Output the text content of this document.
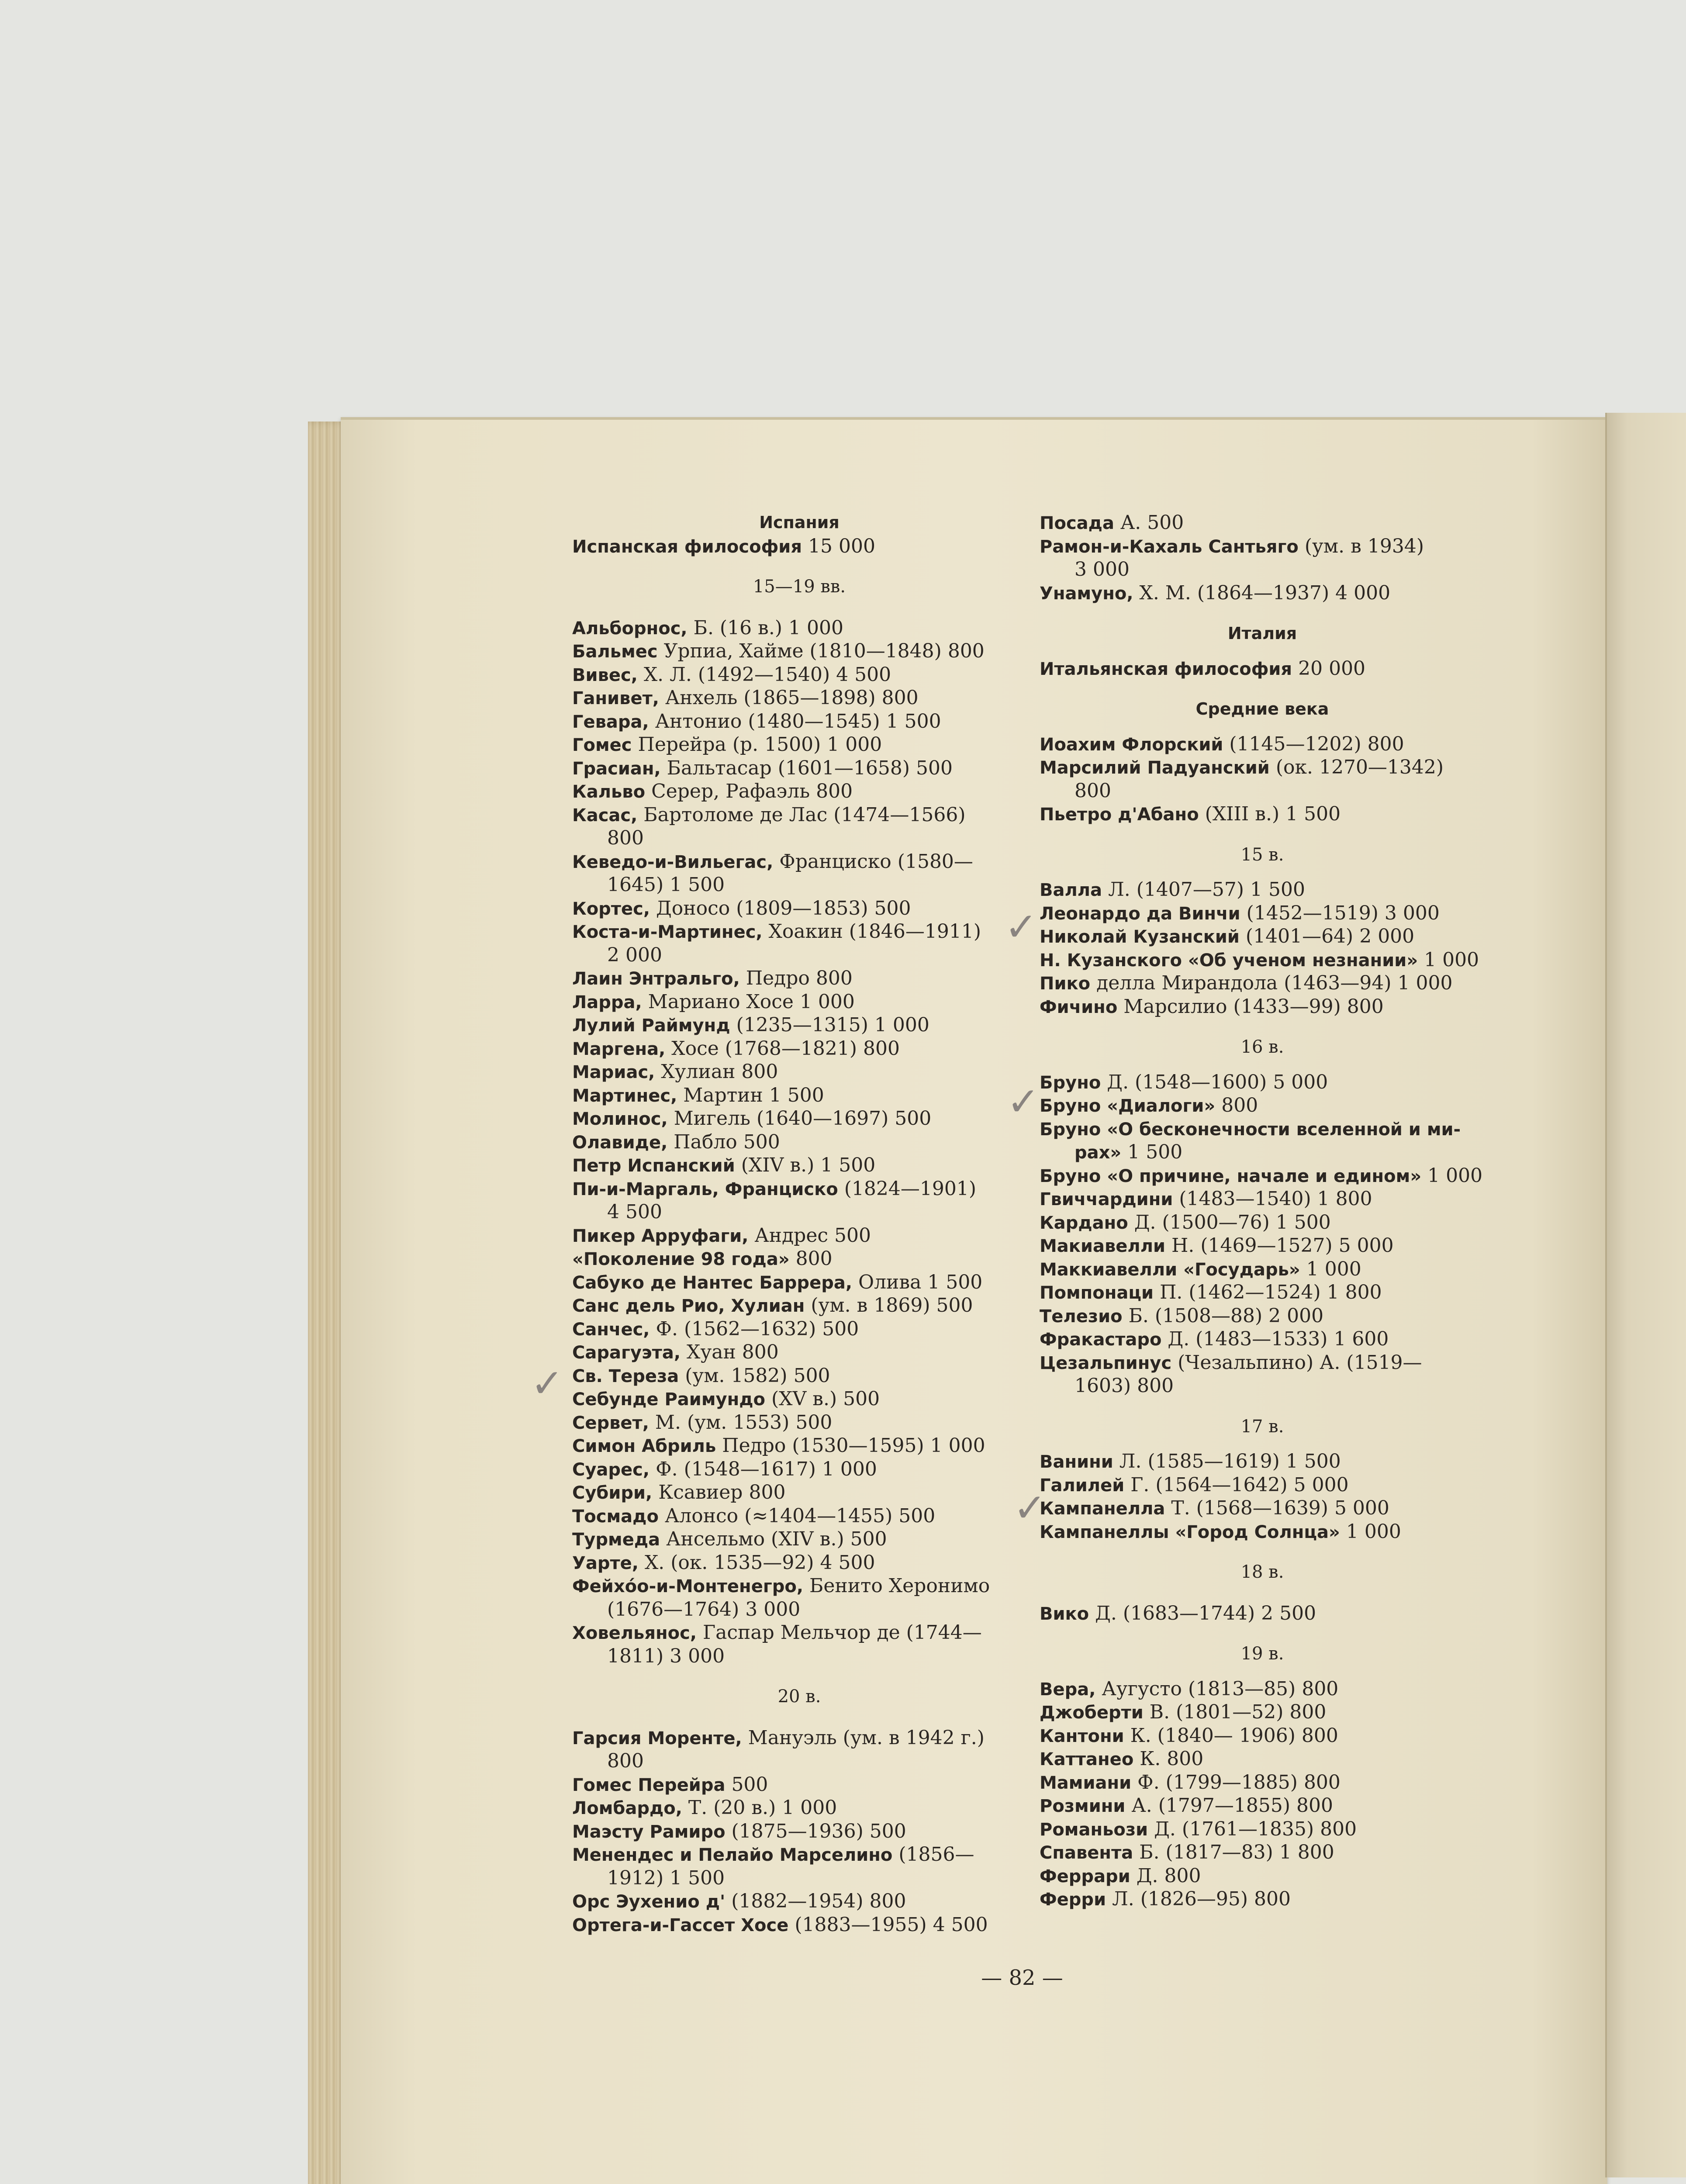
Испания
Испанская философия 15 000
15—19 вв.
Альборнос, Б. (16 в.) 1 000
Бальмес Урпиа, Хайме (1810—1848) 800
Вивес, Х. Л. (1492—1540) 4 500
Ганивет, Анхель (1865—1898) 800
Гевара, Антонио (1480—1545) 1 500
Гомес Перейра (р. 1500) 1 000
Грасиан, Бальтасар (1601—1658) 500
Кальво Серер, Рафаэль 800
Касас, Бартоломе де Лас (1474—1566)
800
Кеведо-и-Вильегас, Франциско (1580—
1645) 1 500
Кортес, Доносо (1809—1853) 500
Коста-и-Мартинес, Хоакин (1846—1911)
2 000
Лаин Энтральго, Педро 800
Ларра, Мариано Хосе 1 000
Лулий Раймунд (1235—1315) 1 000
Маргена, Хосе (1768—1821) 800
Мариас, Хулиан 800
Мартинес, Мартин 1 500
Молинос, Мигель (1640—1697) 500
Олавиде, Пабло 500
Петр Испанский (XIV в.) 1 500
Пи-и-Маргаль, Франциско (1824—1901)
4 500
Пикер Арруфаги, Андрес 500
«Поколение 98 года» 800
Сабуко де Нантес Баррера, Олива 1 500
Санс дель Рио, Хулиан (ум. в 1869) 500
Санчес, Ф. (1562—1632) 500
Сарагуэта, Хуан 800
Св. Тереза (ум. 1582) 500
Себунде Раимундо (XV в.) 500
Сервет, М. (ум. 1553) 500
Симон Абриль Педро (1530—1595) 1 000
Суарес, Ф. (1548—1617) 1 000
Субири, Ксавиер 800
Тосмадо Алонсо (≈1404—1455) 500
Турмеда Ансельмо (XIV в.) 500
Уарте, Х. (ок. 1535—92) 4 500
Фейхо́о-и-Монтенегро, Бенито Херонимо
(1676—1764) 3 000
Ховельянос, Гаспар Мельчор де (1744—
1811) 3 000
20 в.
Гарсия Моренте, Мануэль (ум. в 1942 г.)
800
Гомес Перейра 500
Ломбардо, Т. (20 в.) 1 000
Маэсту Рамиро (1875—1936) 500
Менендес и Пелайо Марселино (1856—
1912) 1 500
Орс Эухенио д' (1882—1954) 800
Ортега-и-Гассет Хосе (1883—1955) 4 500
Посада А. 500
Рамон-и-Кахаль Сантьяго (ум. в 1934)
3 000
Унамуно, Х. М. (1864—1937) 4 000
Италия
Итальянская философия 20 000
Средние века
Иоахим Флорский (1145—1202) 800
Марсилий Падуанский (ок. 1270—1342)
800
Пьетро д'Абано (XIII в.) 1 500
15 в.
Валла Л. (1407—57) 1 500
Леонардо да Винчи (1452—1519) 3 000
Николай Кузанский (1401—64) 2 000
Н. Кузанского «Об ученом незнании» 1 000
Пико делла Мирандола (1463—94) 1 000
Фичино Марсилио (1433—99) 800
16 в.
Бруно Д. (1548—1600) 5 000
Бруно «Диалоги» 800
Бруно «О бесконечности вселенной и ми-
рах» 1 500
Бруно «О причине, начале и едином» 1 000
Гвиччардини (1483—1540) 1 800
Кардано Д. (1500—76) 1 500
Макиавелли Н. (1469—1527) 5 000
Маккиавелли «Государь» 1 000
Помпонаци П. (1462—1524) 1 800
Телезио Б. (1508—88) 2 000
Фракастаро Д. (1483—1533) 1 600
Цезальпинус (Чезальпино) А. (1519—
1603) 800
17 в.
Ванини Л. (1585—1619) 1 500
Галилей Г. (1564—1642) 5 000
Кампанелла Т. (1568—1639) 5 000
Кампанеллы «Город Солнца» 1 000
18 в.
Вико Д. (1683—1744) 2 500
19 в.
Вера, Аугусто (1813—85) 800
Джоберти В. (1801—52) 800
Кантони К. (1840— 1906) 800
Каттанео К. 800
Мамиани Ф. (1799—1885) 800
Розмини А. (1797—1855) 800
Романьози Д. (1761—1835) 800
Спавента Б. (1817—83) 1 800
Феррари Д. 800
Ферри Л. (1826—95) 800
— 82 —
✓
✓
✓
✓
